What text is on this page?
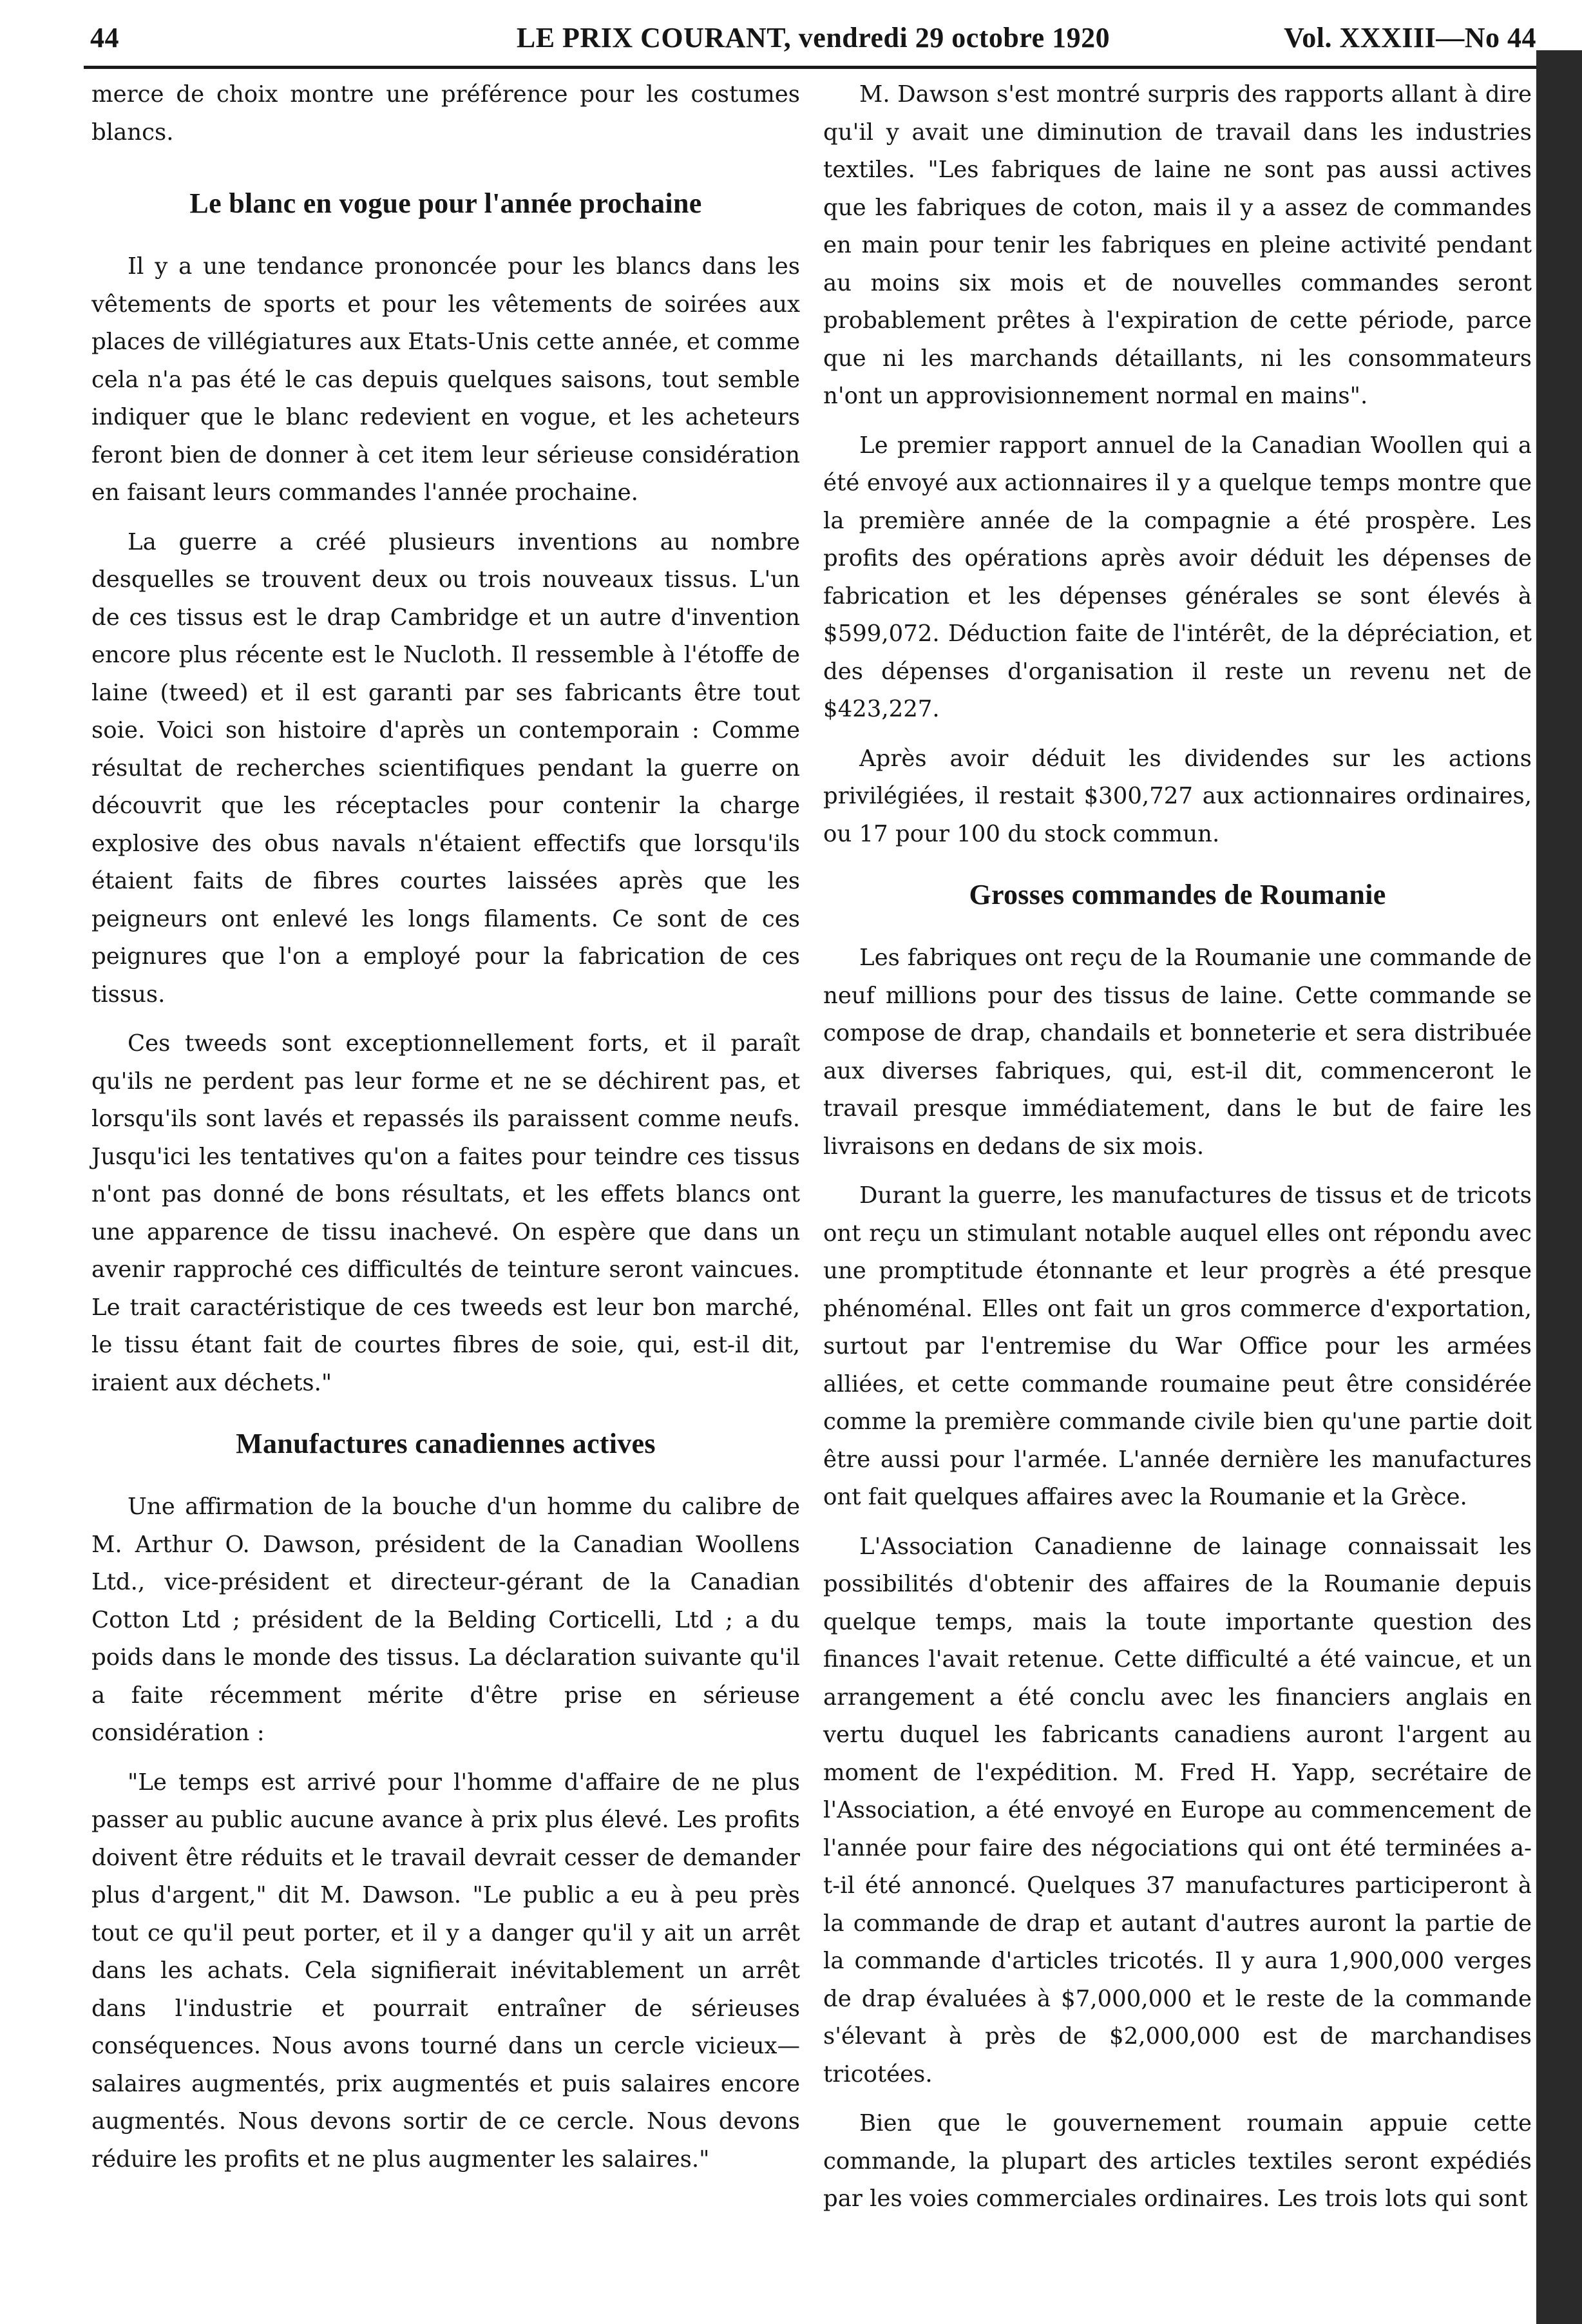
44	LE PRIX COURANT, vendredi 29 octobre 1920	Vol. XXXIII—No 44

merce de choix montre une préférence pour les costumes blancs.

Le blanc en vogue pour l'année prochaine

Il y a une tendance prononcée pour les blancs dans les vêtements de sports et pour les vêtements de soirées aux places de villégiatures aux Etats-Unis cette année, et comme cela n'a pas été le cas depuis quelques saisons, tout semble indiquer que le blanc redevient en vogue, et les acheteurs feront bien de donner à cet item leur sérieuse considération en faisant leurs commandes l'année prochaine.

La guerre a créé plusieurs inventions au nombre desquelles se trouvent deux ou trois nouveaux tissus. L'un de ces tissus est le drap Cambridge et un autre d'invention encore plus récente est le Nucloth. Il ressemble à l'étoffe de laine (tweed) et il est garanti par ses fabricants être tout soie. Voici son histoire d'après un contemporain : Comme résultat de recherches scientifiques pendant la guerre on découvrit que les réceptacles pour contenir la charge explosive des obus navals n'étaient effectifs que lorsqu'ils étaient faits de fibres courtes laissées après que les peigneurs ont enlevé les longs filaments. Ce sont de ces peignures que l'on a employé pour la fabrication de ces tissus.

Ces tweeds sont exceptionnellement forts, et il paraît qu'ils ne perdent pas leur forme et ne se déchirent pas, et lorsqu'ils sont lavés et repassés ils paraissent comme neufs. Jusqu'ici les tentatives qu'on a faites pour teindre ces tissus n'ont pas donné de bons résultats, et les effets blancs ont une apparence de tissu inachevé. On espère que dans un avenir rapproché ces difficultés de teinture seront vaincues. Le trait caractéristique de ces tweeds est leur bon marché, le tissu étant fait de courtes fibres de soie, qui, est-il dit, iraient aux déchets."

Manufactures canadiennes actives

Une affirmation de la bouche d'un homme du calibre de M. Arthur O. Dawson, président de la Canadian Woollens Ltd., vice-président et directeur-gérant de la Canadian Cotton Ltd ; président de la Belding Corticelli, Ltd ; a du poids dans le monde des tissus. La déclaration suivante qu'il a faite récemment mérite d'être prise en sérieuse considération :

"Le temps est arrivé pour l'homme d'affaire de ne plus passer au public aucune avance à prix plus élevé. Les profits doivent être réduits et le travail devrait cesser de demander plus d'argent," dit M. Dawson. "Le public a eu à peu près tout ce qu'il peut porter, et il y a danger qu'il y ait un arrêt dans les achats. Cela signifierait inévitablement un arrêt dans l'industrie et pourrait entraîner de sérieuses conséquences. Nous avons tourné dans un cercle vicieux—salaires augmentés, prix augmentés et puis salaires encore augmentés. Nous devons sortir de ce cercle. Nous devons réduire les profits et ne plus augmenter les salaires."

M. Dawson s'est montré surpris des rapports allant à dire qu'il y avait une diminution de travail dans les industries textiles. "Les fabriques de laine ne sont pas aussi actives que les fabriques de coton, mais il y a assez de commandes en main pour tenir les fabriques en pleine activité pendant au moins six mois et de nouvelles commandes seront probablement prêtes à l'expiration de cette période, parce que ni les marchands détaillants, ni les consommateurs n'ont un approvisionnement normal en mains".

Le premier rapport annuel de la Canadian Woollen qui a été envoyé aux actionnaires il y a quelque temps montre que la première année de la compagnie a été prospère. Les profits des opérations après avoir déduit les dépenses de fabrication et les dépenses générales se sont élevés à $599,072. Déduction faite de l'intérêt, de la dépréciation, et des dépenses d'organisation il reste un revenu net de $423,227.

Après avoir déduit les dividendes sur les actions privilégiées, il restait $300,727 aux actionnaires ordinaires, ou 17 pour 100 du stock commun.

Grosses commandes de Roumanie

Les fabriques ont reçu de la Roumanie une commande de neuf millions pour des tissus de laine. Cette commande se compose de drap, chandails et bonneterie et sera distribuée aux diverses fabriques, qui, est-il dit, commenceront le travail presque immédiatement, dans le but de faire les livraisons en dedans de six mois.

Durant la guerre, les manufactures de tissus et de tricots ont reçu un stimulant notable auquel elles ont répondu avec une promptitude étonnante et leur progrès a été presque phénoménal. Elles ont fait un gros commerce d'exportation, surtout par l'entremise du War Office pour les armées alliées, et cette commande roumaine peut être considérée comme la première commande civile bien qu'une partie doit être aussi pour l'armée. L'année dernière les manufactures ont fait quelques affaires avec la Roumanie et la Grèce.

L'Association Canadienne de lainage connaissait les possibilités d'obtenir des affaires de la Roumanie depuis quelque temps, mais la toute importante question des finances l'avait retenue. Cette difficulté a été vaincue, et un arrangement a été conclu avec les financiers anglais en vertu duquel les fabricants canadiens auront l'argent au moment de l'expédition. M. Fred H. Yapp, secrétaire de l'Association, a été envoyé en Europe au commencement de l'année pour faire des négociations qui ont été terminées a-t-il été annoncé. Quelques 37 manufactures participeront à la commande de drap et autant d'autres auront la partie de la commande d'articles tricotés. Il y aura 1,900,000 verges de drap évaluées à $7,000,000 et le reste de la commande s'élevant à près de $2,000,000 est de marchandises tricotées.

Bien que le gouvernement roumain appuie cette commande, la plupart des articles textiles seront expédiés par les voies commerciales ordinaires. Les trois lots qui sont
